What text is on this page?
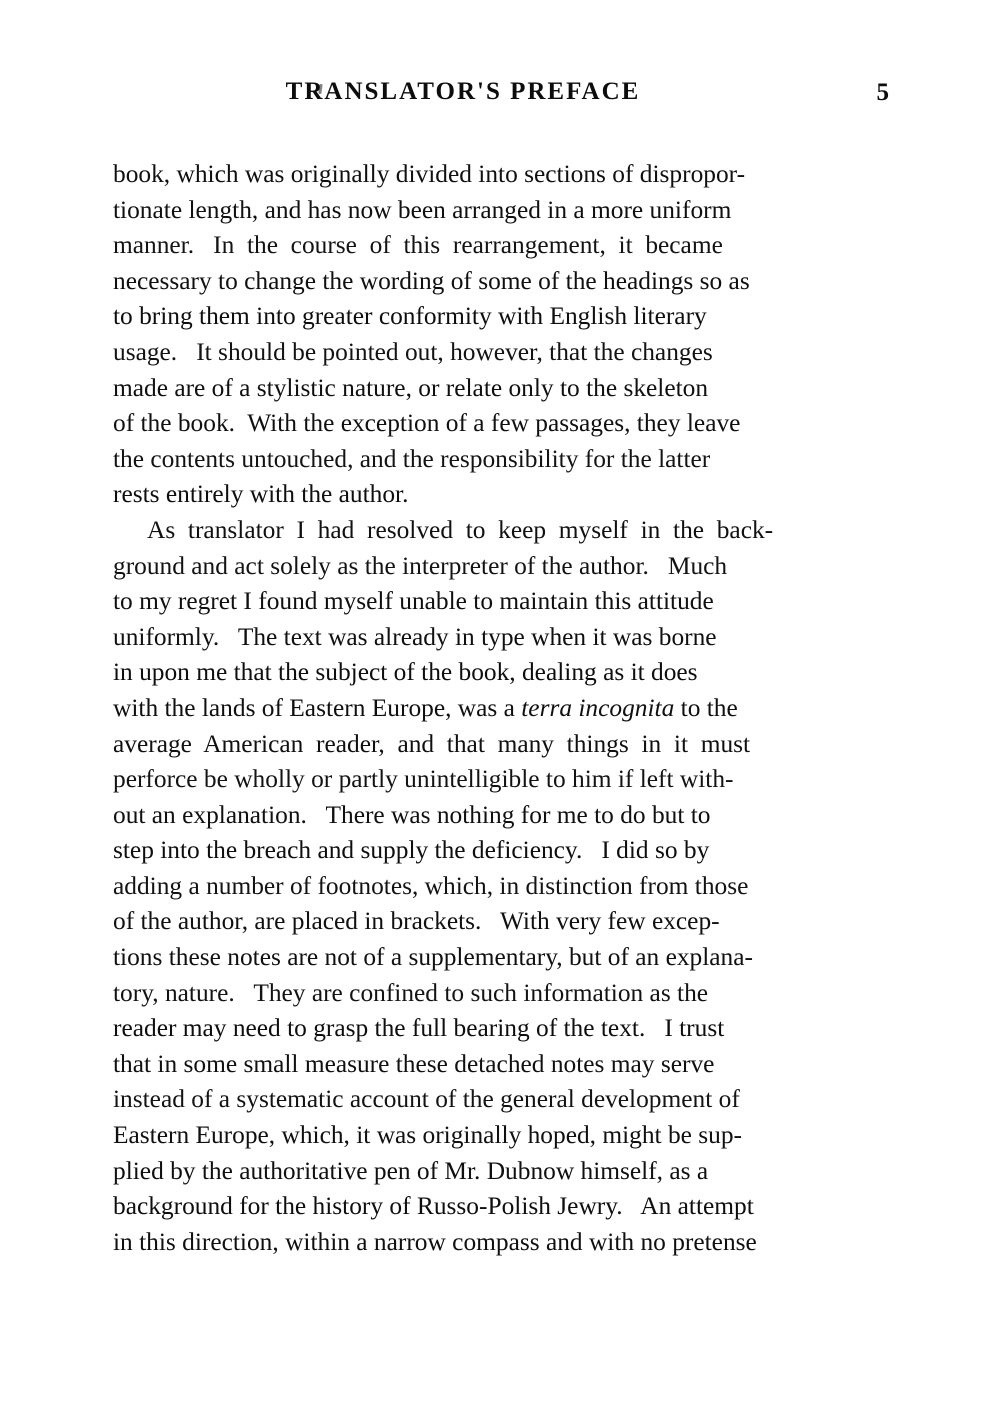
TRANSLATOR'S PREFACE	5
book, which was originally divided into sections of dispropor-
tionate length, and has now been arranged in a more uniform
manner.   In  the  course  of  this  rearrangement,  it  became
necessary to change the wording of some of the headings so as
to bring them into greater conformity with English literary
usage.   It should be pointed out, however, that the changes
made are of a stylistic nature, or relate only to the skeleton
of the book.  With the exception of a few passages, they leave
the contents untouched, and the responsibility for the latter
rests entirely with the author.
As  translator  I  had  resolved  to  keep  myself  in  the  back-
ground and act solely as the interpreter of the author.   Much
to my regret I found myself unable to maintain this attitude
uniformly.   The text was already in type when it was borne
in upon me that the subject of the book, dealing as it does
with the lands of Eastern Europe, was a terra incognita to the
average  American  reader,  and  that  many  things  in  it  must
perforce be wholly or partly unintelligible to him if left with-
out an explanation.   There was nothing for me to do but to
step into the breach and supply the deficiency.   I did so by
adding a number of footnotes, which, in distinction from those
of the author, are placed in brackets.   With very few excep-
tions these notes are not of a supplementary, but of an explana-
tory, nature.   They are confined to such information as the
reader may need to grasp the full bearing of the text.   I trust
that in some small measure these detached notes may serve
instead of a systematic account of the general development of
Eastern Europe, which, it was originally hoped, might be sup-
plied by the authoritative pen of Mr. Dubnow himself, as a
background for the history of Russo-Polish Jewry.   An attempt
in this direction, within a narrow compass and with no pretense
